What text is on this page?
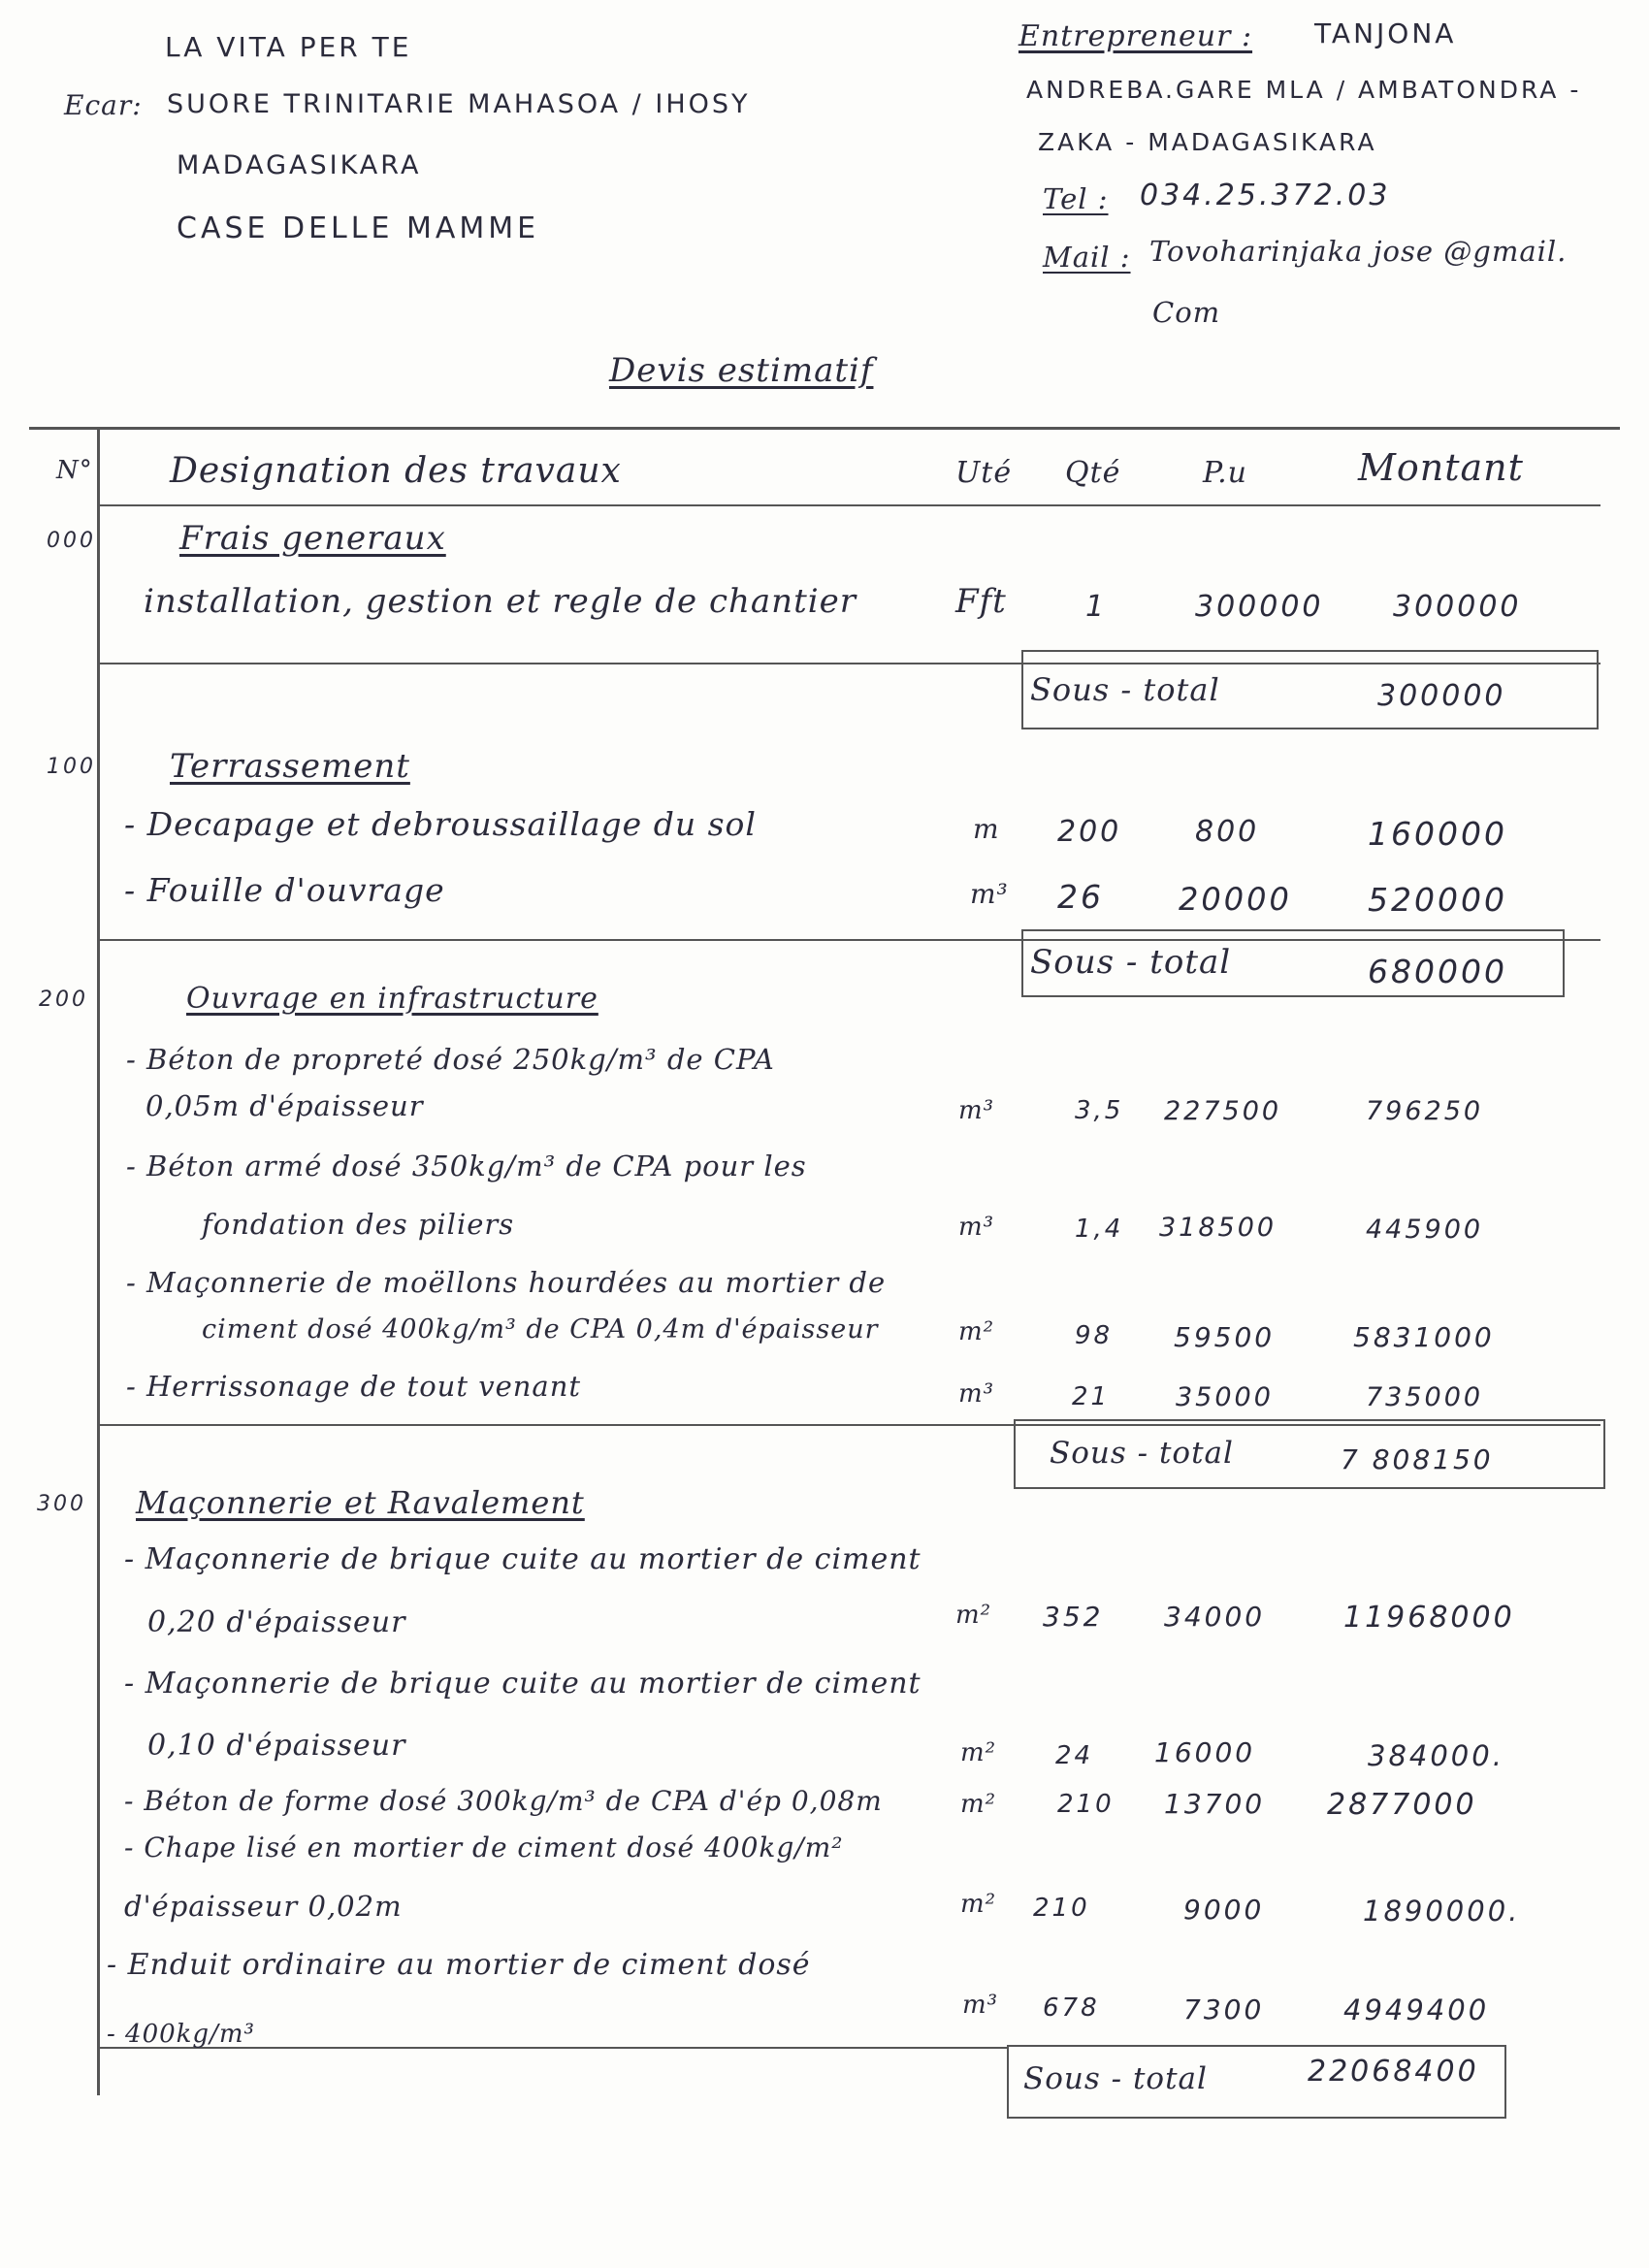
LA VITA PER TE
Ecar: SUORE TRINITARIE MAHASOA / IHOSY
MADAGASIKARA
CASE DELLE MAMME
Entrepreneur : TANJONA
ANDREBA.GARE MLA / AMBATONDRA -
ZAKA - MADAGASIKARA
Tel : 034.25.372.03
Mail : Tovoharinjaka jose @gmail.
Com
Devis estimatif
N° Designation des travaux	Uté Qté	P.u	Montant
000	Frais generaux
installation, gestion et regle de chantier	Fft	1	300000 300000
Sous - total	300000
100 Terrassement
- Decapage et debroussaillage du sol	m 200	800	160000
- Fouille d'ouvrage	m³ 26 20000 520000
Sous - total	680000
200	Ouvrage en infrastructure
- Béton de propreté dosé 250kg/m³ de CPA
0,05m d'épaisseur	m³	3,5 227500	796250
- Béton armé dosé 350kg/m³ de CPA pour les
fondation des piliers	m³	1,4 318500	445900
- Maçonnerie de moëllons hourdées au mortier de
ciment dosé 400kg/m³ de CPA 0,4m d'épaisseur	m²	98 59500	5831000
- Herrissonage de tout venant	m³	21	35000	735000
Sous - total	7 808150
300 Maçonnerie et Ravalement
- Maçonnerie de brique cuite au mortier de ciment
0,20 d'épaisseur	m² 352 34000	11968000
- Maçonnerie de brique cuite au mortier de ciment
0,10 d'épaisseur	m² 24 16000	384000.
- Béton de forme dosé 300kg/m³ de CPA d'ép 0,08m	m² 210 13700 2877000
- Chape lisé en mortier de ciment dosé 400kg/m²
d'épaisseur 0,02m	m² 210	9000	1890000.
- Enduit ordinaire au mortier de ciment dosé
- 400kg/m³
m³ 678	7300	4949400
Sous - total	22068400
